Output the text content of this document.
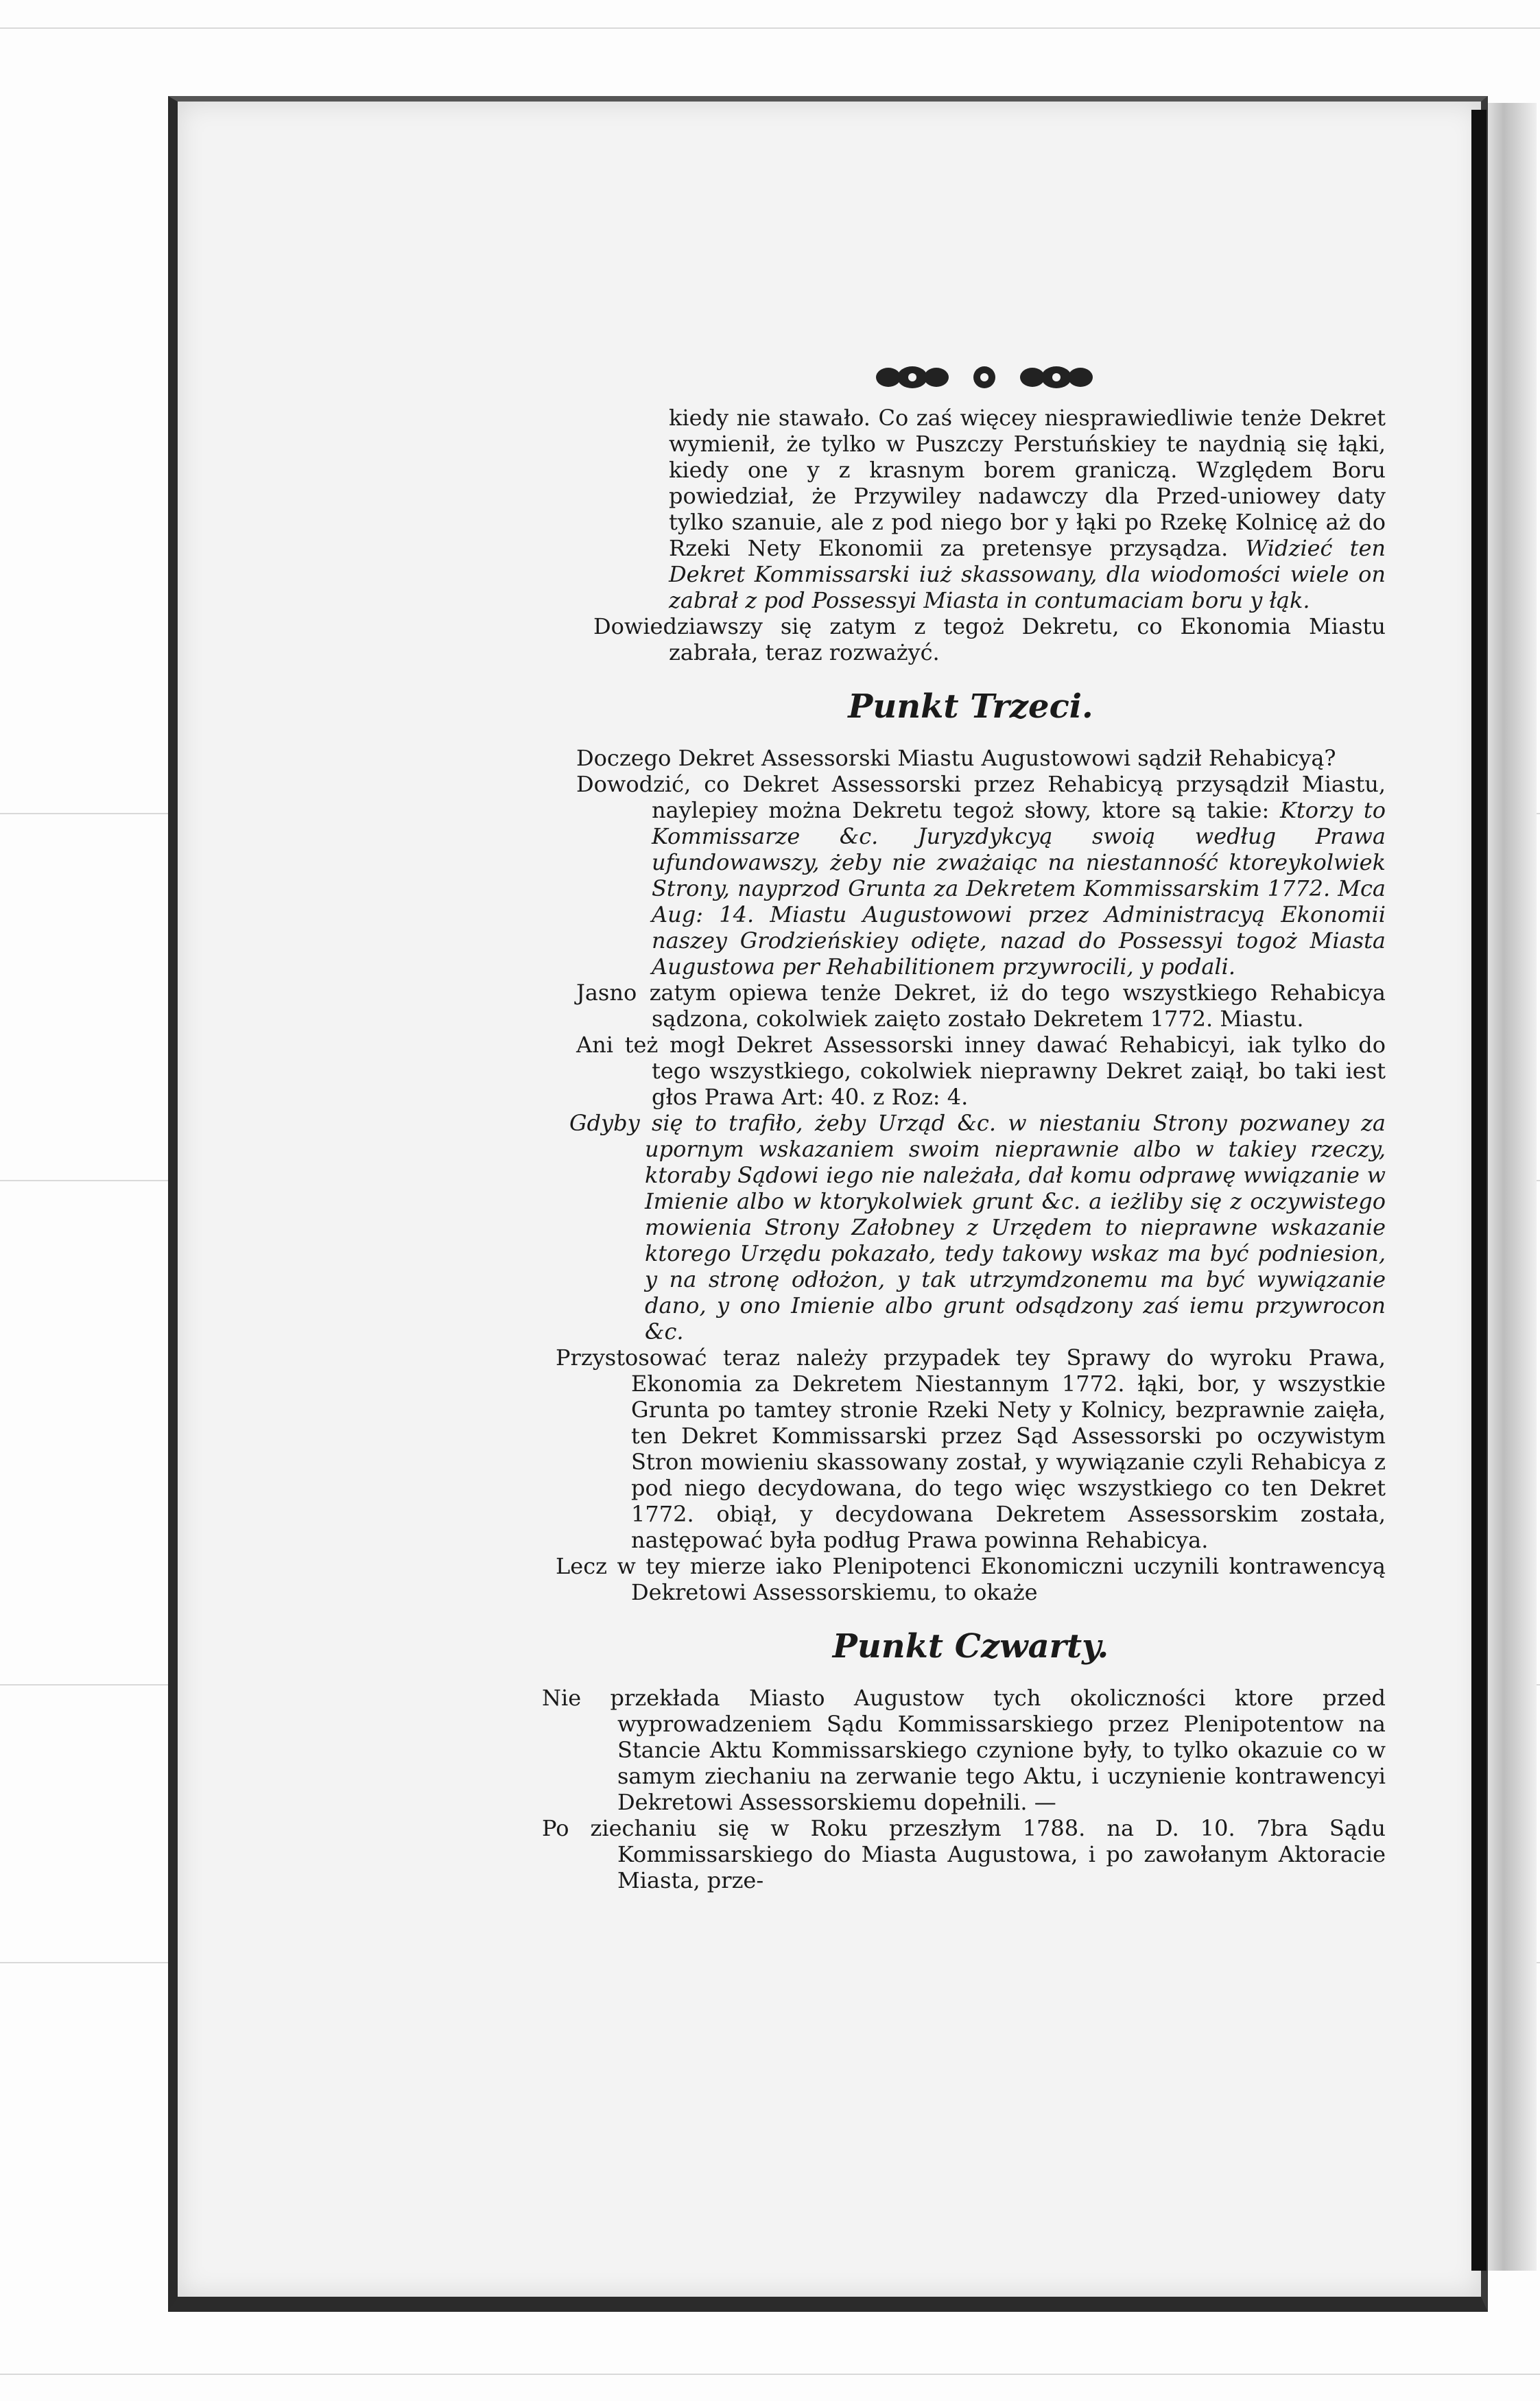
kiedy nie stawało. Co zaś więcey niesprawiedliwie tenże Dekret wymienił, że tylko w Puszczy Perstuńskiey te naydnią się łąki, kiedy one y z krasnym borem graniczą. Względem Boru powiedział, że Przywiley nadawczy dla Przed-uniowey daty tylko szanuie, ale z pod niego bor y łąki po Rzekę Kolnicę aż do Rzeki Nety Ekonomii za pretensye przysądza. Widzieć ten Dekret Kommissarski iuż skassowany, dla wiodomości wiele on zabrał z pod Possessyi Miasta in contumaciam boru y łąk.

Dowiedziawszy się zatym z tegoż Dekretu, co Ekonomia Miastu zabrała, teraz rozważyć.

Punkt Trzeci.

Doczego Dekret Assessorski Miastu Augustowowi sądził Rehabicyą?

Dowodzić, co Dekret Assessorski przez Rehabicyą przysądził Miastu, naylepiey można Dekretu tegoż słowy, ktore są takie: Ktorzy to Kommissarze &c. Juryzdykcyą swoią według Prawa ufundowawszy, żeby nie zważaiąc na niestanność ktoreykolwiek Strony, nayprzod Grunta za Dekretem Kommissarskim 1772. Mca Aug: 14. Miastu Augustowowi przez Administracyą Ekonomii naszey Grodzieńskiey odięte, nazad do Possessyi togoż Miasta Augustowa per Rehabilitionem przywrocili, y podali.

Jasno zatym opiewa tenże Dekret, iż do tego wszystkiego Rehabicya sądzona, cokolwiek zaięto zostało Dekretem 1772. Miastu.

Ani też mogł Dekret Assessorski inney dawać Rehabicyi, iak tylko do tego wszystkiego, cokolwiek nieprawny Dekret zaiął, bo taki iest głos Prawa Art: 40. z Roz: 4.

Gdyby się to trafiło, żeby Urząd &c. w niestaniu Strony pozwaney za upornym wskazaniem swoim nieprawnie albo w takiey rzeczy, ktoraby Sądowi iego nie należała, dał komu odprawę wwiązanie w Imienie albo w ktorykolwiek grunt &c. a ieżliby się z oczywistego mowienia Strony Załobney z Urzędem to nieprawne wskazanie ktorego Urzędu pokazało, tedy takowy wskaz ma być podniesion, y na stronę odłożon, y tak utrzymdzonemu ma być wywiązanie dano, y ono Imienie albo grunt odsądzony zaś iemu przywrocon &c.

Przystosować teraz należy przypadek tey Sprawy do wyroku Prawa, Ekonomia za Dekretem Niestannym 1772. łąki, bor, y wszystkie Grunta po tamtey stronie Rzeki Nety y Kolnicy, bezprawnie zaięła, ten Dekret Kommissarski przez Sąd Assessorski po oczywistym Stron mowieniu skassowany został, y wywiązanie czyli Rehabicya z pod niego decydowana, do tego więc wszystkiego co ten Dekret 1772. obiął, y decydowana Dekretem Assessorskim została, następować była podług Prawa powinna Rehabicya.

Lecz w tey mierze iako Plenipotenci Ekonomiczni uczynili kontrawencyą Dekretowi Assessorskiemu, to okaże

Punkt Czwarty.

Nie przekłada Miasto Augustow tych okoliczności ktore przed wyprowadzeniem Sądu Kommissarskiego przez Plenipotentow na Stancie Aktu Kommissarskiego czynione były, to tylko okazuie co w samym ziechaniu na zerwanie tego Aktu, i uczynienie kontrawencyi Dekretowi Assessorskiemu dopełnili. —

Po ziechaniu się w Roku przeszłym 1788. na D. 10. 7bra Sądu Kommissarskiego do Miasta Augustowa, i po zawołanym Aktoracie Miasta, prze-
